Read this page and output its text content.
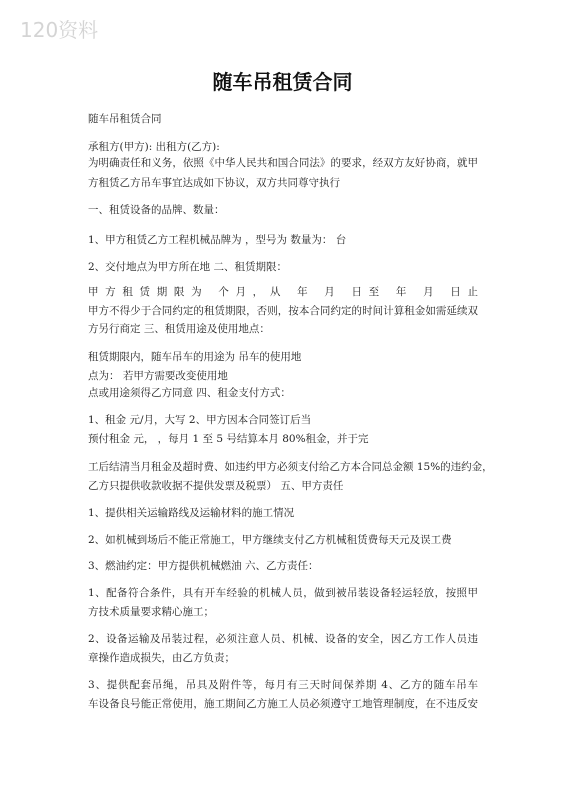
120资料
随车吊租赁合同
随车吊租赁合同
承租方(甲方): 出租方(乙方):
为明确责任和义务，依照《中华人民共和国合同法》的要求，经双方友好协商，就甲
方租赁乙方吊车事宜达成如下协议，双方共同尊守执行
一、租赁设备的品牌、数量：
1、甲方租赁乙方工程机械品牌为 ，型号为 数量为： 台
2、交付地点为甲方所在地 二、租赁期限：
甲方租赁期限为 个月，从 年 月 日至 年 月 日止
甲方不得少于合同约定的租赁期限，否则，按本合同约定的时间计算租金如需延续双
方另行商定 三、租赁用途及使用地点：
租赁期限内，随车吊车的用途为 吊车的使用地
点为： 若甲方需要改变使用地
点或用途须得乙方同意 四、租金支付方式：
1、租金 元/月，大写 2、甲方因本合同签订后当
预付租金 元， ，每月 1 至 5 号结算本月 80%租金，并于完
工后结清当月租金及超时费、如违约甲方必须支付给乙方本合同总金额 15%的违约金，
乙方只提供收款收据不提供发票及税票） 五、甲方责任
1、提供相关运输路线及运输材料的施工情况
2、如机械到场后不能正常施工，甲方继续支付乙方机械租赁费每天元及误工费
3、燃油约定：甲方提供机械燃油 六、乙方责任：
1、配备符合条件，具有开车经验的机械人员，做到被吊装设备轻运轻放，按照甲
方技术质量要求精心施工；
2、设备运输及吊装过程，必须注意人员、机械、设备的安全，因乙方工作人员违
章操作造成损失，由乙方负责；
3、提供配套吊绳，吊具及附件等，每月有三天时间保养期 4、乙方的随车吊车
车设备良号能正常使用，施工期间乙方施工人员必须遵守工地管理制度，在不违反安
